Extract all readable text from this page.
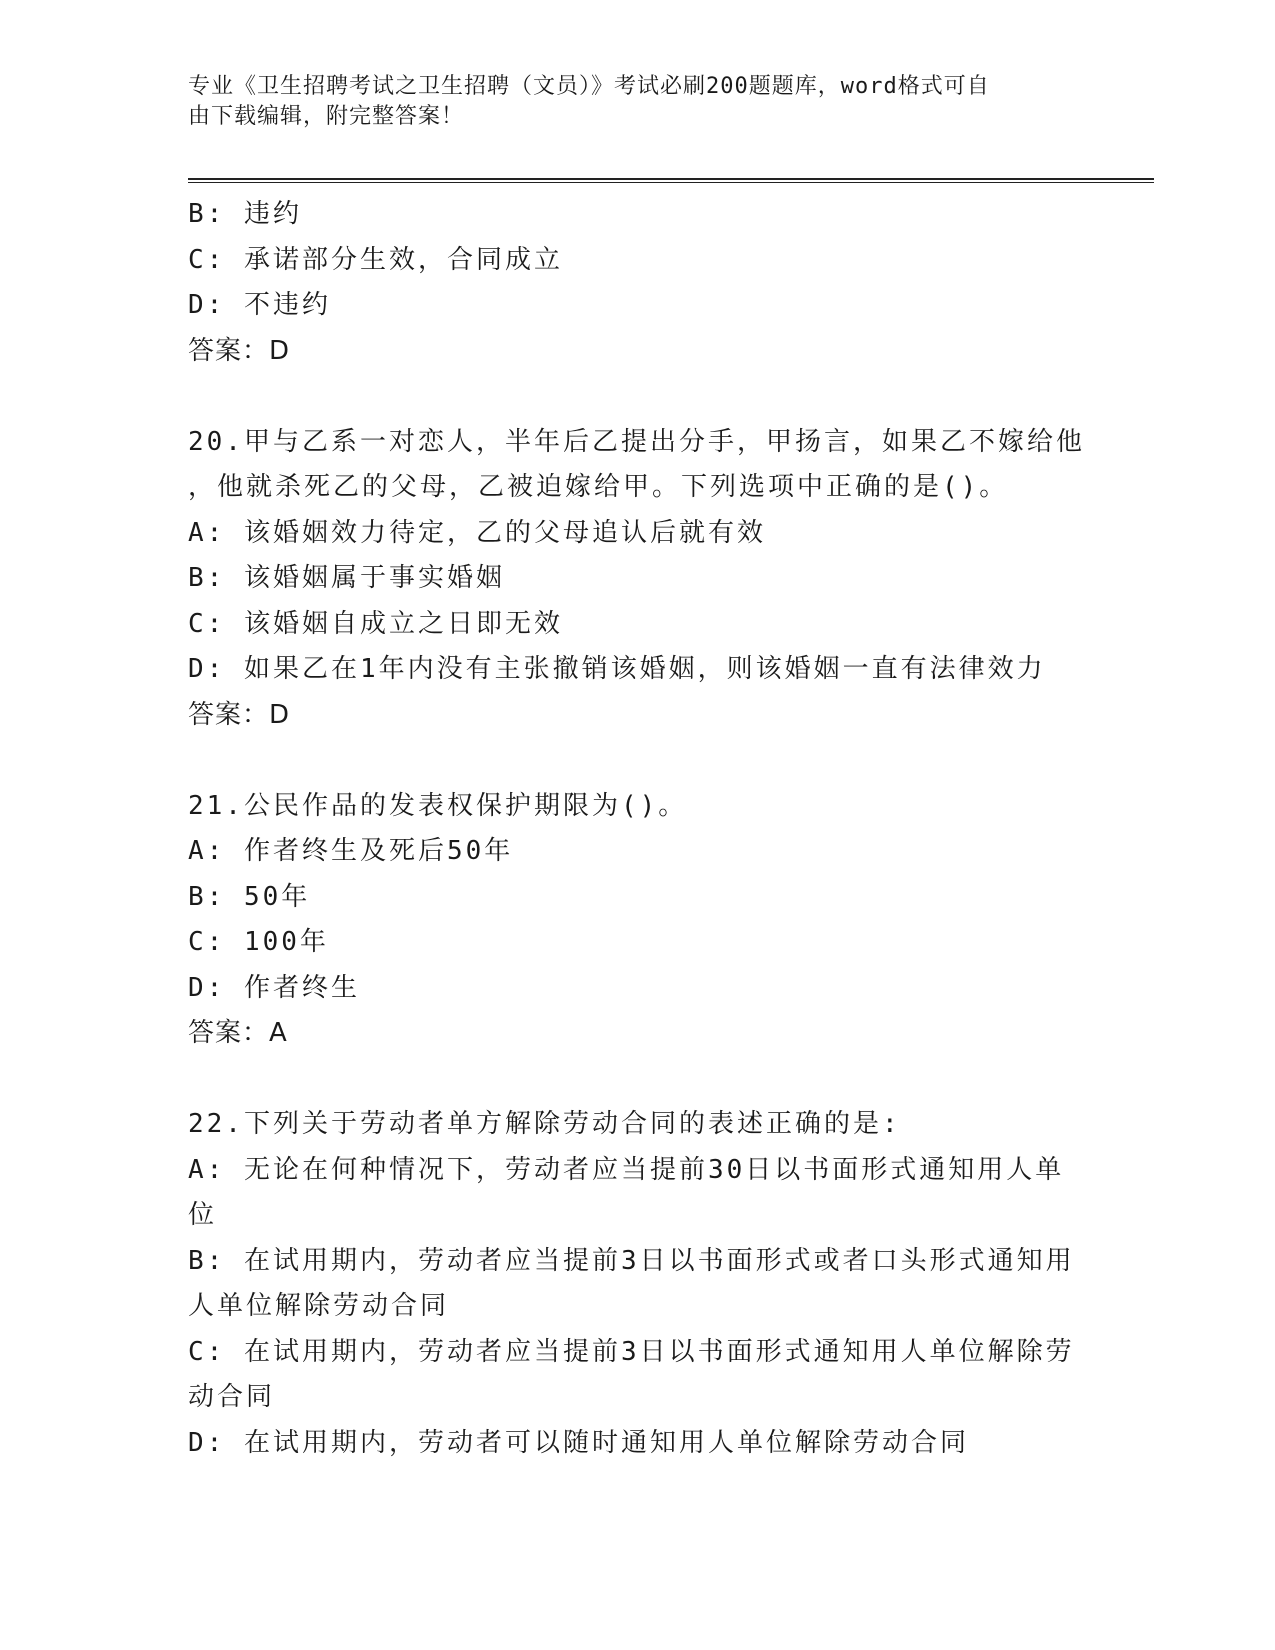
专业《卫生招聘考试之卫生招聘（文员）》考试必刷200题题库，word格式可自
由下载编辑，附完整答案！
B: 违约
C: 承诺部分生效，合同成立
D: 不违约
答案：D
20.甲与乙系一对恋人，半年后乙提出分手，甲扬言，如果乙不嫁给他
，他就杀死乙的父母，乙被迫嫁给甲。下列选项中正确的是()。
A: 该婚姻效力待定，乙的父母追认后就有效
B: 该婚姻属于事实婚姻
C: 该婚姻自成立之日即无效
D: 如果乙在1年内没有主张撤销该婚姻，则该婚姻一直有法律效力
答案：D
21.公民作品的发表权保护期限为()。
A: 作者终生及死后50年
B: 50年
C: 100年
D: 作者终生
答案：A
22.下列关于劳动者单方解除劳动合同的表述正确的是:
A: 无论在何种情况下，劳动者应当提前30日以书面形式通知用人单
位
B: 在试用期内，劳动者应当提前3日以书面形式或者口头形式通知用
人单位解除劳动合同
C: 在试用期内，劳动者应当提前3日以书面形式通知用人单位解除劳
动合同
D: 在试用期内，劳动者可以随时通知用人单位解除劳动合同
